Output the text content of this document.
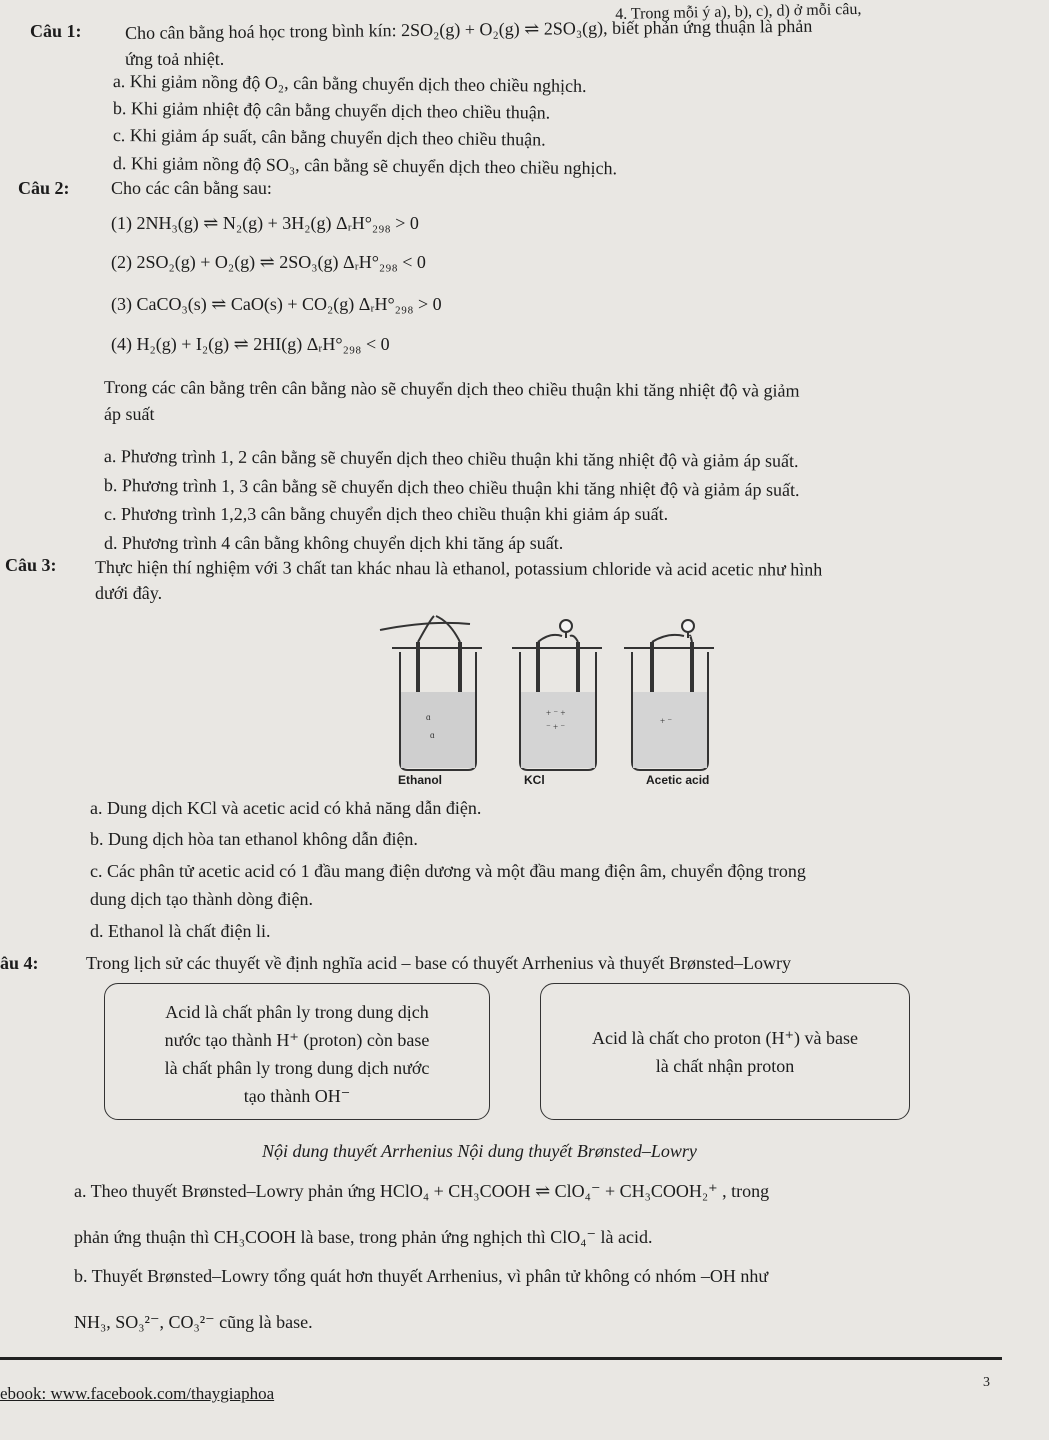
4. Trong mỗi ý a), b), c), d) ở mỗi câu,
Câu 1: Cho cân bằng hoá học trong bình kín: 2SO₂(g) + O₂(g) ⇌ 2SO₃(g), biết phản ứng thuận là phản
ứng toả nhiệt.
a. Khi giảm nồng độ O₂, cân bằng chuyển dịch theo chiều nghịch.
b. Khi giảm nhiệt độ cân bằng chuyển dịch theo chiều thuận.
c. Khi giảm áp suất, cân bằng chuyển dịch theo chiều thuận.
d. Khi giảm nồng độ SO₃, cân bằng sẽ chuyển dịch theo chiều nghịch.
Câu 2: Cho các cân bằng sau:
(1) 2NH₃(g) ⇌ N₂(g) + 3H₂(g) ΔᵣH°₂₉₈ > 0
(2) 2SO₂(g) + O₂(g) ⇌ 2SO₃(g) ΔᵣH°₂₉₈ < 0
(3) CaCO₃(s) ⇌ CaO(s) + CO₂(g) ΔᵣH°₂₉₈ > 0
(4) H₂(g) + I₂(g) ⇌ 2HI(g) ΔᵣH°₂₉₈ < 0
Trong các cân bằng trên cân bằng nào sẽ chuyển dịch theo chiều thuận khi tăng nhiệt độ và giảm
áp suất
a. Phương trình 1, 2 cân bằng sẽ chuyển dịch theo chiều thuận khi tăng nhiệt độ và giảm áp suất.
b. Phương trình 1, 3 cân bằng sẽ chuyển dịch theo chiều thuận khi tăng nhiệt độ và giảm áp suất.
c. Phương trình 1,2,3 cân bằng chuyển dịch theo chiều thuận khi giảm áp suất.
d. Phương trình 4 cân bằng không chuyển dịch khi tăng áp suất.
Câu 3: Thực hiện thí nghiệm với 3 chất tan khác nhau là ethanol, potassium chloride và acid acetic như hình
dưới đây.
ɑ
ɑ
+ ⁻ +
⁻ + ⁻
+ ⁻
Ethanol	KCl	Acetic acid
a. Dung dịch KCl và acetic acid có khả năng dẫn điện.
b. Dung dịch hòa tan ethanol không dẫn điện.
c. Các phân tử acetic acid có 1 đầu mang điện dương và một đầu mang điện âm, chuyển động trong
dung dịch tạo thành dòng điện.
d. Ethanol là chất điện li.
âu 4:	Trong lịch sử các thuyết về định nghĩa acid – base có thuyết Arrhenius và thuyết Brønsted–Lowry
Acid là chất phân ly trong dung dịch
nước tạo thành H⁺ (proton) còn base
là chất phân ly trong dung dịch nước
tạo thành OH⁻
Acid là chất cho proton (H⁺) và base
là chất nhận proton
Nội dung thuyết Arrhenius Nội dung thuyết Brønsted–Lowry
a. Theo thuyết Brønsted–Lowry phản ứng HClO₄ + CH₃COOH ⇌ ClO₄⁻ + CH₃COOH₂⁺ , trong
phản ứng thuận thì CH₃COOH là base, trong phản ứng nghịch thì ClO₄⁻ là acid.
b. Thuyết Brønsted–Lowry tổng quát hơn thuyết Arrhenius, vì phân tử không có nhóm –OH như
NH₃, SO₃²⁻, CO₃²⁻ cũng là base.
3
ebook: www.facebook.com/thaygiaphoa
